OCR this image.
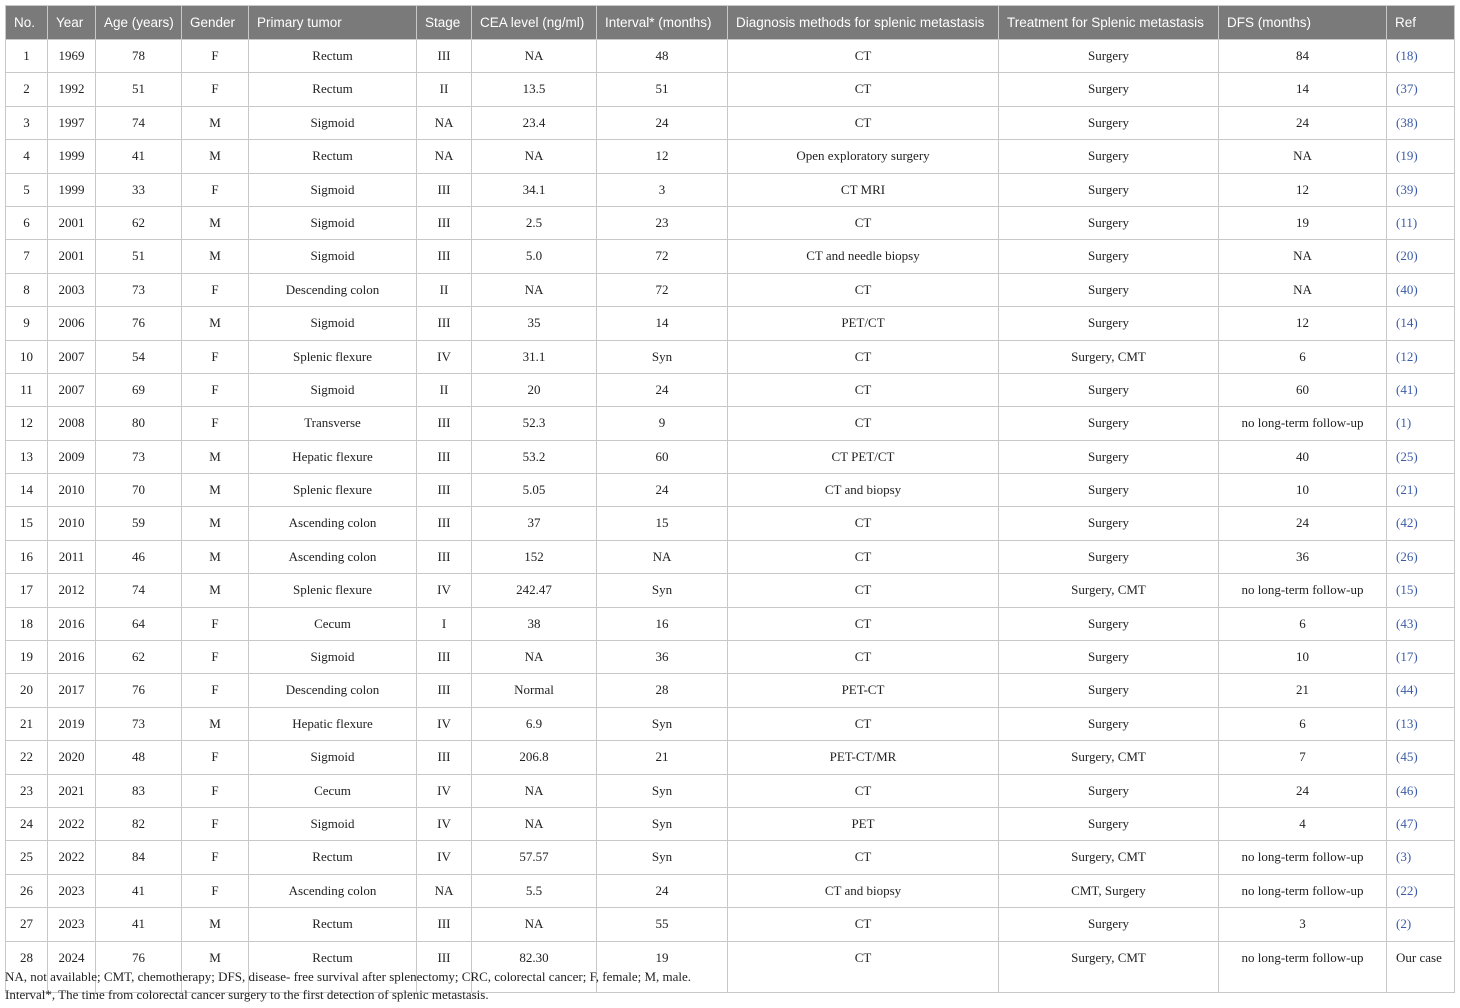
No.	Year	Age (years)	Gender	Primary tumor	Stage	CEA level (ng/ml)	Interval* (months)	Diagnosis methods for splenic metastasis	Treatment for Splenic metastasis	DFS (months)	Ref
1	1969	78	F	Rectum	III	NA	48	CT	Surgery	84	(18)
2	1992	51	F	Rectum	II	13.5	51	CT	Surgery	14	(37)
3	1997	74	M	Sigmoid	NA	23.4	24	CT	Surgery	24	(38)
4	1999	41	M	Rectum	NA	NA	12	Open exploratory surgery	Surgery	NA	(19)
5	1999	33	F	Sigmoid	III	34.1	3	CT MRI	Surgery	12	(39)
6	2001	62	M	Sigmoid	III	2.5	23	CT	Surgery	19	(11)
7	2001	51	M	Sigmoid	III	5.0	72	CT and needle biopsy	Surgery	NA	(20)
8	2003	73	F	Descending colon	II	NA	72	CT	Surgery	NA	(40)
9	2006	76	M	Sigmoid	III	35	14	PET/CT	Surgery	12	(14)
10	2007	54	F	Splenic flexure	IV	31.1	Syn	CT	Surgery, CMT	6	(12)
11	2007	69	F	Sigmoid	II	20	24	CT	Surgery	60	(41)
12	2008	80	F	Transverse	III	52.3	9	CT	Surgery	no long-term follow-up	(1)
13	2009	73	M	Hepatic flexure	III	53.2	60	CT PET/CT	Surgery	40	(25)
14	2010	70	M	Splenic flexure	III	5.05	24	CT and biopsy	Surgery	10	(21)
15	2010	59	M	Ascending colon	III	37	15	CT	Surgery	24	(42)
16	2011	46	M	Ascending colon	III	152	NA	CT	Surgery	36	(26)
17	2012	74	M	Splenic flexure	IV	242.47	Syn	CT	Surgery, CMT	no long-term follow-up	(15)
18	2016	64	F	Cecum	I	38	16	CT	Surgery	6	(43)
19	2016	62	F	Sigmoid	III	NA	36	CT	Surgery	10	(17)
20	2017	76	F	Descending colon	III	Normal	28	PET-CT	Surgery	21	(44)
21	2019	73	M	Hepatic flexure	IV	6.9	Syn	CT	Surgery	6	(13)
22	2020	48	F	Sigmoid	III	206.8	21	PET-CT/MR	Surgery, CMT	7	(45)
23	2021	83	F	Cecum	IV	NA	Syn	CT	Surgery	24	(46)
24	2022	82	F	Sigmoid	IV	NA	Syn	PET	Surgery	4	(47)
25	2022	84	F	Rectum	IV	57.57	Syn	CT	Surgery, CMT	no long-term follow-up	(3)
26	2023	41	F	Ascending colon	NA	5.5	24	CT and biopsy	CMT, Surgery	no long-term follow-up	(22)
27	2023	41	M	Rectum	III	NA	55	CT	Surgery	3	(2)
28	2024	76	M	Rectum	III	82.30	19	CT	Surgery, CMT	no long-term follow-up	Our case
NA, not available; CMT, chemotherapy; DFS, disease- free survival after splenectomy; CRC, colorectal cancer; F, female; M, male.
Interval*, The time from colorectal cancer surgery to the first detection of splenic metastasis.
